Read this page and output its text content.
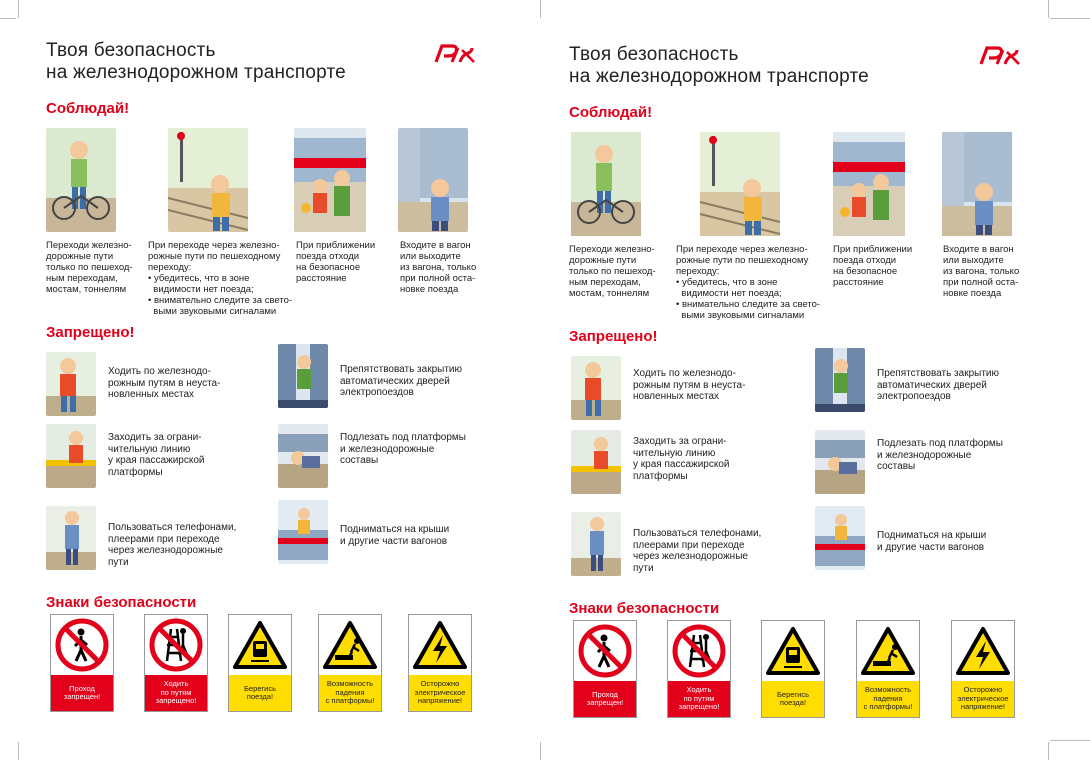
Твоя безопасность
на железнодорожном транспорте
Соблюдай!
Переходи железно-
дорожные пути
только по пешеход-
ным переходам,
мостам, тоннелям
При переходе через железно-
рожные пути по пешеходному
переходу:
• убедитесь, что в зоне
видимости нет поезда;
• внимательно следите за свето-
выми звуковыми сигналами
При приближении
поезда отходи
на безопасное
расстояние
Входите в вагон
или выходите
из вагона, только
при полной оста-
новке поезда
Запрещено!
Ходить по железнодо-
рожным путям в неуста-
новленных местах
Препятствовать закрытию
автоматических дверей
электропоездов
Заходить за ограни-
чительную линию
у края пассажирской
платформы
Подлезать под платформы
и железнодорожные
составы
Пользоваться телефонами,
плеерами при переходе
через железнодорожные
пути
Подниматься на крыши
и другие части вагонов
Знаки безопасности
Проход
запрещен!
Ходить
по путям
запрещено!
Берегись
поезда!
Возможность
падения
с платформы!
Осторожно
электрическое
напряжение!
Твоя безопасность
на железнодорожном транспорте
Соблюдай!
Переходи железно-
дорожные пути
только по пешеход-
ным переходам,
мостам, тоннелям
При переходе через железно-
рожные пути по пешеходному
переходу:
• убедитесь, что в зоне
видимости нет поезда;
• внимательно следите за свето-
выми звуковыми сигналами
При приближении
поезда отходи
на безопасное
расстояние
Входите в вагон
или выходите
из вагона, только
при полной оста-
новке поезда
Запрещено!
Ходить по железнодо-
рожным путям в неуста-
новленных местах
Препятствовать закрытию
автоматических дверей
электропоездов
Заходить за ограни-
чительную линию
у края пассажирской
платформы
Подлезать под платформы
и железнодорожные
составы
Пользоваться телефонами,
плеерами при переходе
через железнодорожные
пути
Подниматься на крыши
и другие части вагонов
Знаки безопасности
Проход
запрещен!
Ходить
по путям
запрещено!
Берегись
поезда!
Возможность
падения
с платформы!
Осторожно
электрическое
напряжение!
